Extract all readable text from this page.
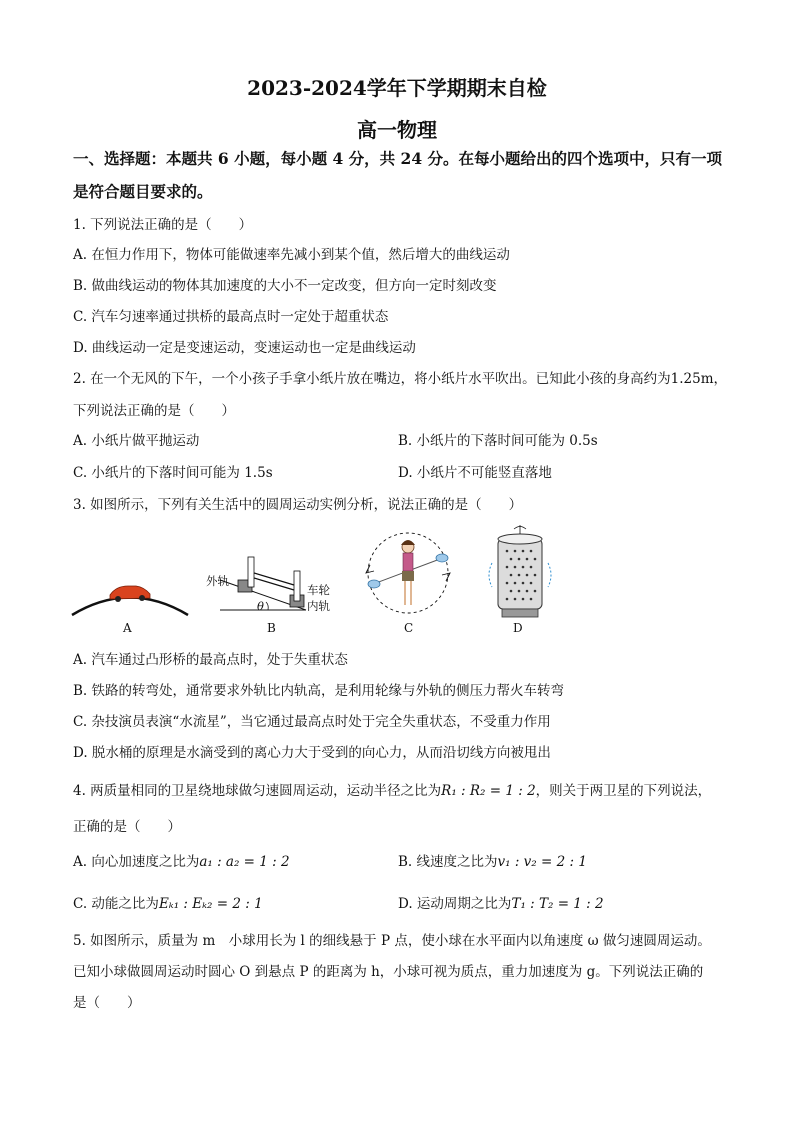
2023-2024学年下学期期末自检
高一物理
一、选择题：本题共 6 小题，每小题 4 分，共 24 分。在每小题给出的四个选项中，只有一项
是符合题目要求的。
1. 下列说法正确的是（　　）
A. 在恒力作用下，物体可能做速率先减小到某个值，然后增大的曲线运动
B. 做曲线运动的物体其加速度的大小不一定改变，但方向一定时刻改变
C. 汽车匀速率通过拱桥的最高点时一定处于超重状态
D. 曲线运动一定是变速运动，变速运动也一定是曲线运动
2. 在一个无风的下午，一个小孩子手拿小纸片放在嘴边，将小纸片水平吹出。已知此小孩的身高约为1.25m，
下列说法正确的是（　　）
A. 小纸片做平抛运动	B. 小纸片的下落时间可能为 0.5s
C. 小纸片的下落时间可能为 1.5s	D. 小纸片不可能竖直落地
3. 如图所示，下列有关生活中的圆周运动实例分析，说法正确的是（　　）
外轨
车轮
内轨
θ
A	B	C	D
A. 汽车通过凸形桥的最高点时，处于失重状态
B. 铁路的转弯处，通常要求外轨比内轨高，是利用轮缘与外轨的侧压力帮火车转弯
C. 杂技演员表演“水流星”，当它通过最高点时处于完全失重状态，不受重力作用
D. 脱水桶的原理是水滴受到的离心力大于受到的向心力，从而沿切线方向被甩出
4. 两质量相同的卫星绕地球做匀速圆周运动，运动半径之比为R₁ : R₂ = 1 : 2，则关于两卫星的下列说法，
正确的是（　　）
A. 向心加速度之比为a₁ : a₂ = 1 : 2	B. 线速度之比为v₁ : v₂ = 2 : 1
C. 动能之比为Eₖ₁ : Eₖ₂ = 2 : 1	D. 运动周期之比为T₁ : T₂ = 1 : 2
5. 如图所示，质量为 m　小球用长为 l 的细线悬于 P 点，使小球在水平面内以角速度 ω 做匀速圆周运动。
已知小球做圆周运动时圆心 O 到悬点 P 的距离为 h，小球可视为质点，重力加速度为 g。下列说法正确的
是（　　）
